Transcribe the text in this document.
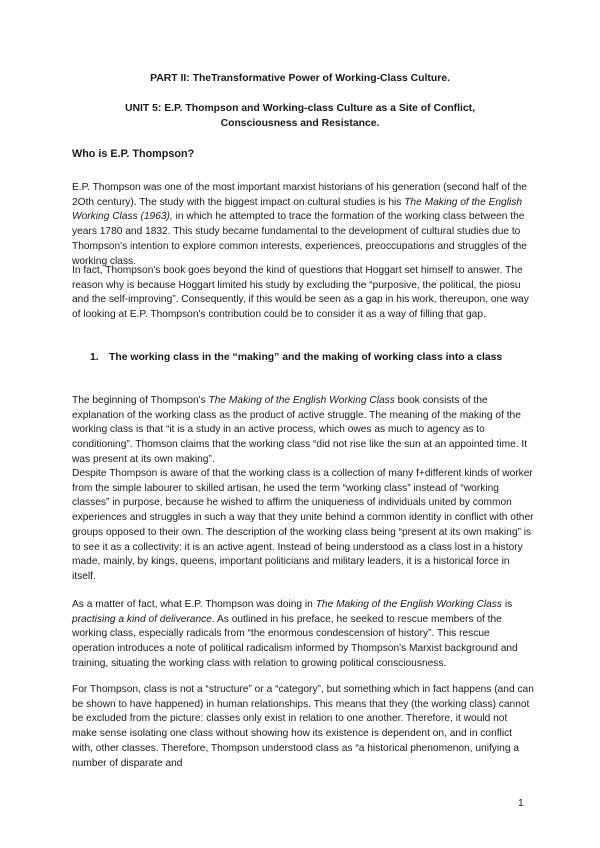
PART II: TheTransformative Power of Working-Class Culture.
UNIT 5: E.P. Thompson and Working-class Culture as a Site of Conflict,
Consciousness and Resistance.
Who is E.P. Thompson?

E.P. Thompson was one of the most important marxist historians of his generation (second half of the 2Oth century). The study with the biggest impact on cultural studies is his The Making of the English Working Class (1963), in which he attempted to trace the formation of the working class between the years 1780 and 1832. This study became fundamental to the development of cultural studies due to Thompson's intention to explore common interests, experiences, preoccupations and struggles of the working class.

In fact, Thompson's book goes beyond the kind of questions that Hoggart set himself to answer. The reason why is because Hoggart limited his study by excluding the “purposive, the political, the piosu and the self-improving”. Consequently, if this would be seen as a gap in his work, thereupon, one way of looking at E.P. Thompson's contribution could be to consider it as a way of filling that gap.

1. The working class in the “making” and the making of working class into a class

The beginning of Thompson's The Making of the English Working Class book consists of the explanation of the working class as the product of active struggle. The meaning of the making of the working class is that “it is a study in an active process, which owes as much to agency as to conditioning”. Thomson claims that the working class “did not rise like the sun at an appointed time. It was present at its own making”.

Despite Thompson is aware of that the working class is a collection of many f+different kinds of worker from the simple labourer to skilled artisan, he used the term “working class” instead of “working classes” in purpose, because he wished to affirm the uniqueness of individuals united by common experiences and struggles in such a way that they unite behind a common identity in conflict with other groups opposed to their own. The description of the working class being “present at its own making” is to see it as a collectivity: it is an active agent. Instead of being understood as a class lost in a history made, mainly, by kings, queens, important politicians and military leaders, it is a historical force in itself.

As a matter of fact, what E.P. Thompson was doing in The Making of the English Working Class is practising a kind of deliverance. As outlined in his preface, he seeked to rescue members of the working class, especially radicals from “the enormous condescension of history”. This rescue operation introduces a note of political radicalism informed by Thompson's Marxist background and training, situating the working class with relation to growing political consciousness.

For Thompson, class is not a “structure” or a “category”, but something which in fact happens (and can be shown to have happened) in human relationships. This means that they (the working class) cannot be excluded from the picture: classes only exist in relation to one another. Therefore, it would not make sense isolating one class without showing how its existence is dependent on, and in conflict with, other classes. Therefore, Thompson understood class as “a historical phenomenon, unifying a number of disparate and

1
